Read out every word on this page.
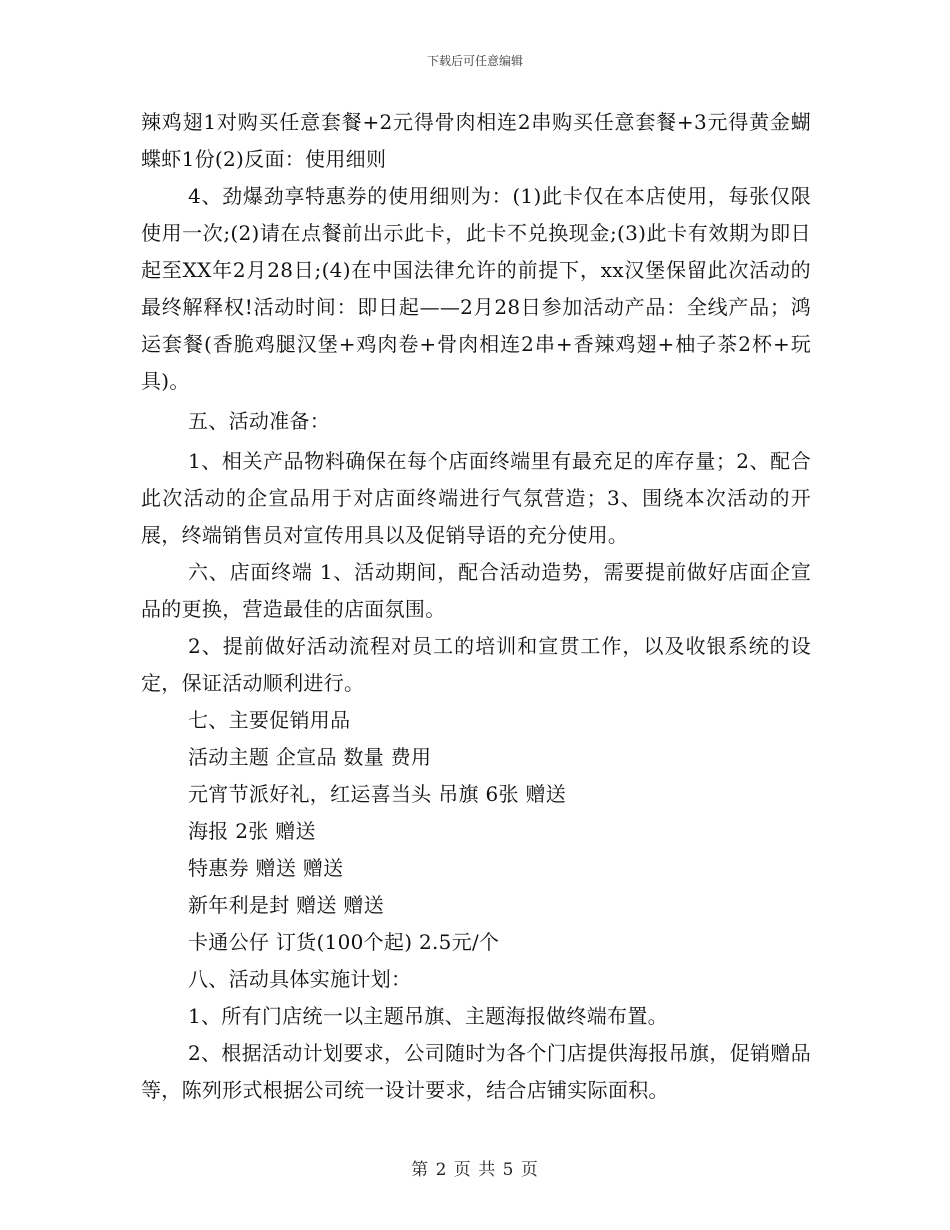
下载后可任意编辑

辣鸡翅1对购买任意套餐+2元得骨肉相连2串购买任意套餐+3元得黄金蝴蝶虾1份(2)反面：使用细则

4、劲爆劲享特惠券的使用细则为：(1)此卡仅在本店使用，每张仅限使用一次;(2)请在点餐前出示此卡，此卡不兑换现金;(3)此卡有效期为即日起至XX年2月28日;(4)在中国法律允许的前提下，xx汉堡保留此次活动的最终解释权!活动时间：即日起——2月28日参加活动产品：全线产品；鸿运套餐(香脆鸡腿汉堡+鸡肉卷+骨肉相连2串+香辣鸡翅+柚子茶2杯+玩具)。

五、活动准备：

1、相关产品物料确保在每个店面终端里有最充足的库存量；2、配合此次活动的企宣品用于对店面终端进行气氛营造；3、围绕本次活动的开展，终端销售员对宣传用具以及促销导语的充分使用。

六、店面终端 1、活动期间，配合活动造势，需要提前做好店面企宣品的更换，营造最佳的店面氛围。

2、提前做好活动流程对员工的培训和宣贯工作，以及收银系统的设定，保证活动顺利进行。

七、主要促销用品

活动主题 企宣品 数量 费用

元宵节派好礼，红运喜当头 吊旗 6张 赠送

海报 2张 赠送

特惠券 赠送 赠送

新年利是封 赠送 赠送

卡通公仔 订货(100个起) 2.5元/个

八、活动具体实施计划：

1、所有门店统一以主题吊旗、主题海报做终端布置。

2、根据活动计划要求，公司随时为各个门店提供海报吊旗，促销赠品等，陈列形式根据公司统一设计要求，结合店铺实际面积。

第 2 页 共 5 页
